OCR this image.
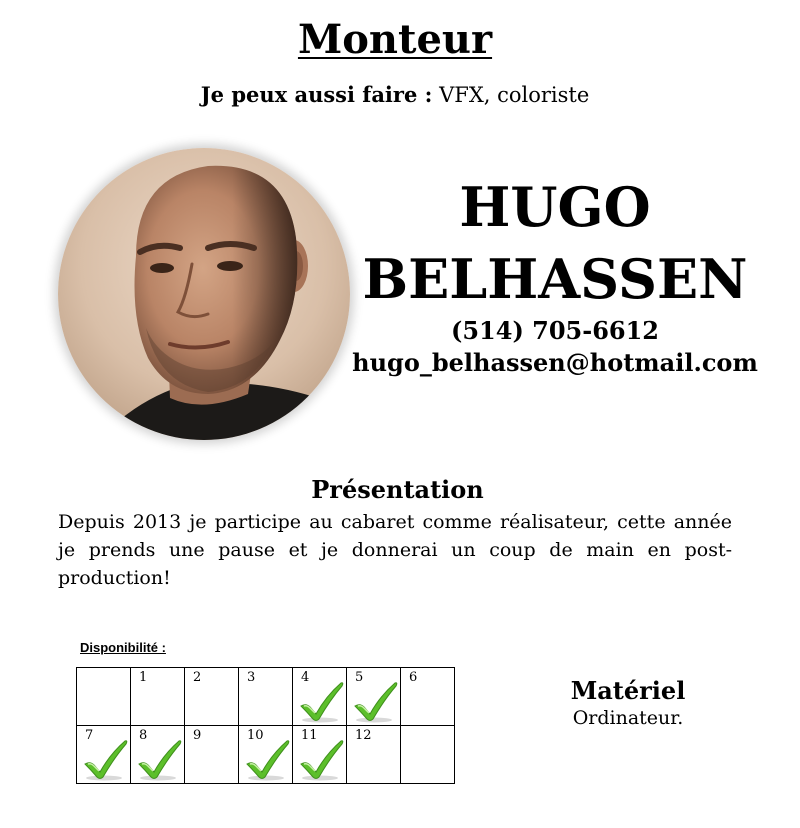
Monteur

Je peux aussi faire : VFX, coloriste

HUGO

BELHASSEN

(514) 705-6612

hugo_belhassen@hotmail.com

Présentation

Depuis 2013 je participe au cabaret comme réalisateur, cette année je prends une pause et je donnerai un coup de main en post-production!

Disponibilité :

	1	2	3	4	5	6

7	8	9	10	11	12	

Matériel

Ordinateur.
